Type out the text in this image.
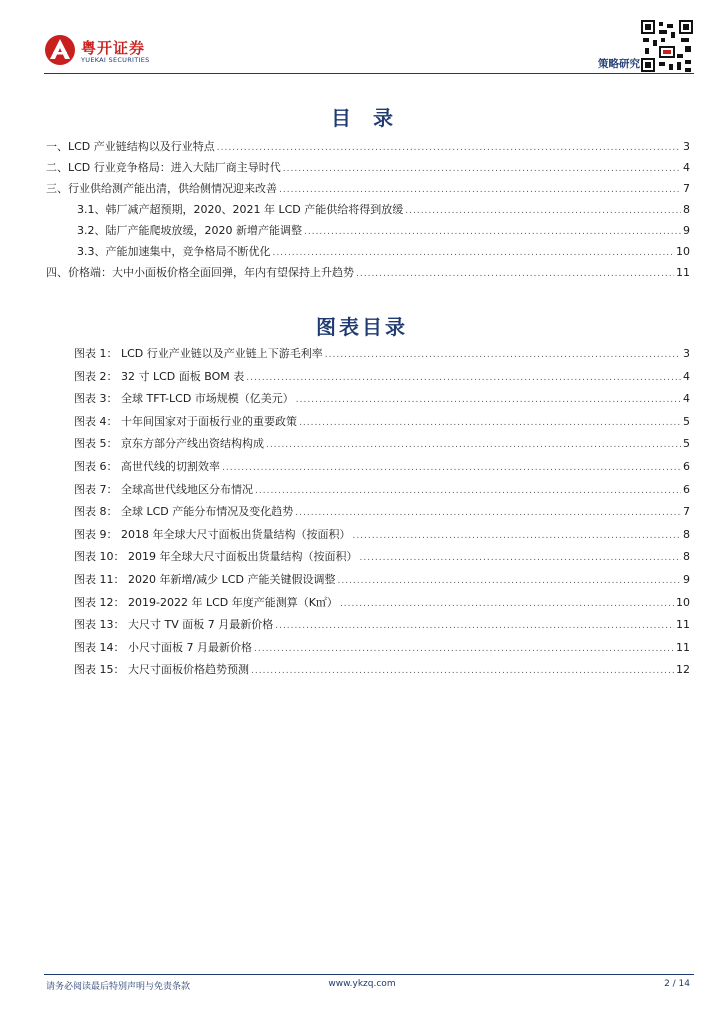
粤开证券
YUEKAI SECURITIES	策略研究
目录
一、LCD 产业链结构以及行业特点 .....	3
二、LCD 行业竞争格局：进入大陆厂商主导时代 .....	4
三、行业供给测产能出清，供给侧情况迎来改善 .....	7
3.1、韩厂减产超预期，2020、2021 年 LCD 产能供给将得到放缓 .....	8
3.2、陆厂产能爬坡放缓，2020 新增产能调整 .....	9
3.3、产能加速集中，竞争格局不断优化 .....	10
四、价格端：大中小面板价格全面回弹，年内有望保持上升趋势 .....	11
图表目录
图表 1： LCD 行业产业链以及产业链上下游毛利率 .....	3
图表 2： 32 寸 LCD 面板 BOM 表 .....	4
图表 3： 全球 TFT-LCD 市场规模（亿美元） .....	4
图表 4： 十年间国家对于面板行业的重要政策 .....	5
图表 5： 京东方部分产线出资结构构成 .....	5
图表 6： 高世代线的切割效率 .....	6
图表 7： 全球高世代线地区分布情况 .....	6
图表 8： 全球 LCD 产能分布情况及变化趋势 .....	7
图表 9： 2018 年全球大尺寸面板出货量结构（按面积） .....	8
图表 10： 2019 年全球大尺寸面板出货量结构（按面积） .....	8
图表 11： 2020 年新增/减少 LCD 产能关键假设调整 .....	9
图表 12： 2019-2022 年 LCD 年度产能测算（K㎡） .....	10
图表 13： 大尺寸 TV 面板 7 月最新价格 .....	11
图表 14： 小尺寸面板 7 月最新价格 .....	11
图表 15： 大尺寸面板价格趋势预测 .....	12
请务必阅读最后特别声明与免责条款	www.ykzq.com	2 / 14
